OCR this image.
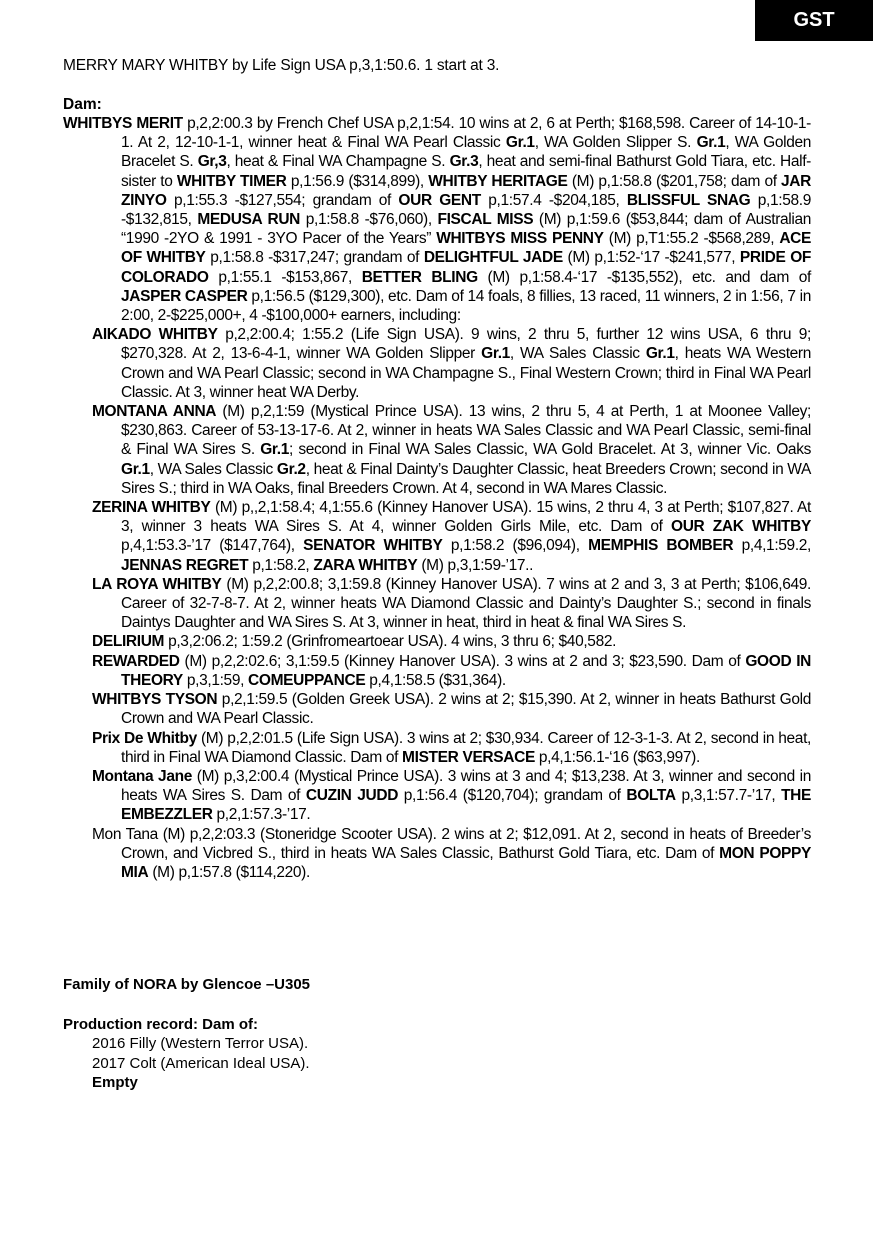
GST
MERRY MARY WHITBY by Life Sign USA p,3,1:50.6. 1 start at 3.
Dam:

WHITBYS MERIT p,2,2:00.3 by French Chef USA p,2,1:54. 10 wins at 2, 6 at Perth; $168,598. Career of 14-10-1-1. At 2, 12-10-1-1, winner heat & Final WA Pearl Classic Gr.1, WA Golden Slipper S. Gr.1, WA Golden Bracelet S. Gr,3, heat & Final WA Champagne S. Gr.3, heat and semi-final Bathurst Gold Tiara, etc. Half-sister to WHITBY TIMER p,1:56.9 ($314,899), WHITBY HERITAGE (M) p,1:58.8 ($201,758; dam of JAR ZINYO p,1:55.3 -$127,554; grandam of OUR GENT p,1:57.4 -$204,185, BLISSFUL SNAG p,1:58.9 -$132,815, MEDUSA RUN p,1:58.8 -$76,060), FISCAL MISS (M) p,1:59.6 ($53,844; dam of Australian “1990 -2YO & 1991 - 3YO Pacer of the Years” WHITBYS MISS PENNY (M) p,T1:55.2 -$568,289, ACE OF WHITBY p,1:58.8 -$317,247; grandam of DELIGHTFUL JADE (M) p,1:52-‘17 -$241,577, PRIDE OF COLORADO p,1:55.1 -$153,867, BETTER BLING (M) p,1:58.4-‘17 -$135,552), etc. and dam of JASPER CASPER p,1:56.5 ($129,300), etc. Dam of 14 foals, 8 fillies, 13 raced, 11 winners, 2 in 1:56, 7 in 2:00, 2-$225,000+, 4 -$100,000+ earners, including:

AIKADO WHITBY p,2,2:00.4; 1:55.2 (Life Sign USA). 9 wins, 2 thru 5, further 12 wins USA, 6 thru 9; $270,328. At 2, 13-6-4-1, winner WA Golden Slipper Gr.1, WA Sales Classic Gr.1, heats WA Western Crown and WA Pearl Classic; second in WA Champagne S., Final Western Crown; third in Final WA Pearl Classic. At 3, winner heat WA Derby.

MONTANA ANNA (M) p,2,1:59 (Mystical Prince USA). 13 wins, 2 thru 5, 4 at Perth, 1 at Moonee Valley; $230,863. Career of 53-13-17-6. At 2, winner in heats WA Sales Classic and WA Pearl Classic, semi-final & Final WA Sires S. Gr.1; second in Final WA Sales Classic, WA Gold Bracelet. At 3, winner Vic. Oaks Gr.1, WA Sales Classic Gr.2, heat & Final Dainty’s Daughter Classic, heat Breeders Crown; second in WA Sires S.; third in WA Oaks, final Breeders Crown. At 4, second in WA Mares Classic.

ZERINA WHITBY (M) p,,2,1:58.4; 4,1:55.6 (Kinney Hanover USA). 15 wins, 2 thru 4, 3 at Perth; $107,827. At 3, winner 3 heats WA Sires S. At 4, winner Golden Girls Mile, etc. Dam of OUR ZAK WHITBY p,4,1:53.3-’17 ($147,764), SENATOR WHITBY p,1:58.2 ($96,094), MEMPHIS BOMBER p,4,1:59.2, JENNAS REGRET p,1:58.2, ZARA WHITBY (M) p,3,1:59-’17..

LA ROYA WHITBY (M) p,2,2:00.8; 3,1:59.8 (Kinney Hanover USA). 7 wins at 2 and 3, 3 at Perth; $106,649. Career of 32-7-8-7. At 2, winner heats WA Diamond Classic and Dainty’s Daughter S.; second in finals Daintys Daughter and WA Sires S. At 3, winner in heat, third in heat & final WA Sires S.

DELIRIUM p,3,2:06.2; 1:59.2 (Grinfromeartoear USA). 4 wins, 3 thru 6; $40,582.

REWARDED (M) p,2,2:02.6; 3,1:59.5 (Kinney Hanover USA). 3 wins at 2 and 3; $23,590. Dam of GOOD IN THEORY p,3,1:59, COMEUPPANCE p,4,1:58.5 ($31,364).

WHITBYS TYSON p,2,1:59.5 (Golden Greek USA). 2 wins at 2; $15,390. At 2, winner in heats Bathurst Gold Crown and WA Pearl Classic.

Prix De Whitby (M) p,2,2:01.5 (Life Sign USA). 3 wins at 2; $30,934. Career of 12-3-1-3. At 2, second in heat, third in Final WA Diamond Classic. Dam of MISTER VERSACE p,4,1:56.1-‘16 ($63,997).

Montana Jane (M) p,3,2:00.4 (Mystical Prince USA). 3 wins at 3 and 4; $13,238. At 3, winner and second in heats WA Sires S. Dam of CUZIN JUDD p,1:56.4 ($120,704); grandam of BOLTA p,3,1:57.7-’17, THE EMBEZZLER p,2,1:57.3-’17.

Mon Tana (M) p,2,2:03.3 (Stoneridge Scooter USA). 2 wins at 2; $12,091. At 2, second in heats of Breeder’s Crown, and Vicbred S., third in heats WA Sales Classic, Bathurst Gold Tiara, etc. Dam of MON POPPY MIA (M) p,1:57.8 ($114,220).

Family of NORA by Glencoe –U305
Production record: Dam of:
2016 Filly (Western Terror USA).
2017 Colt (American Ideal USA).
Empty
